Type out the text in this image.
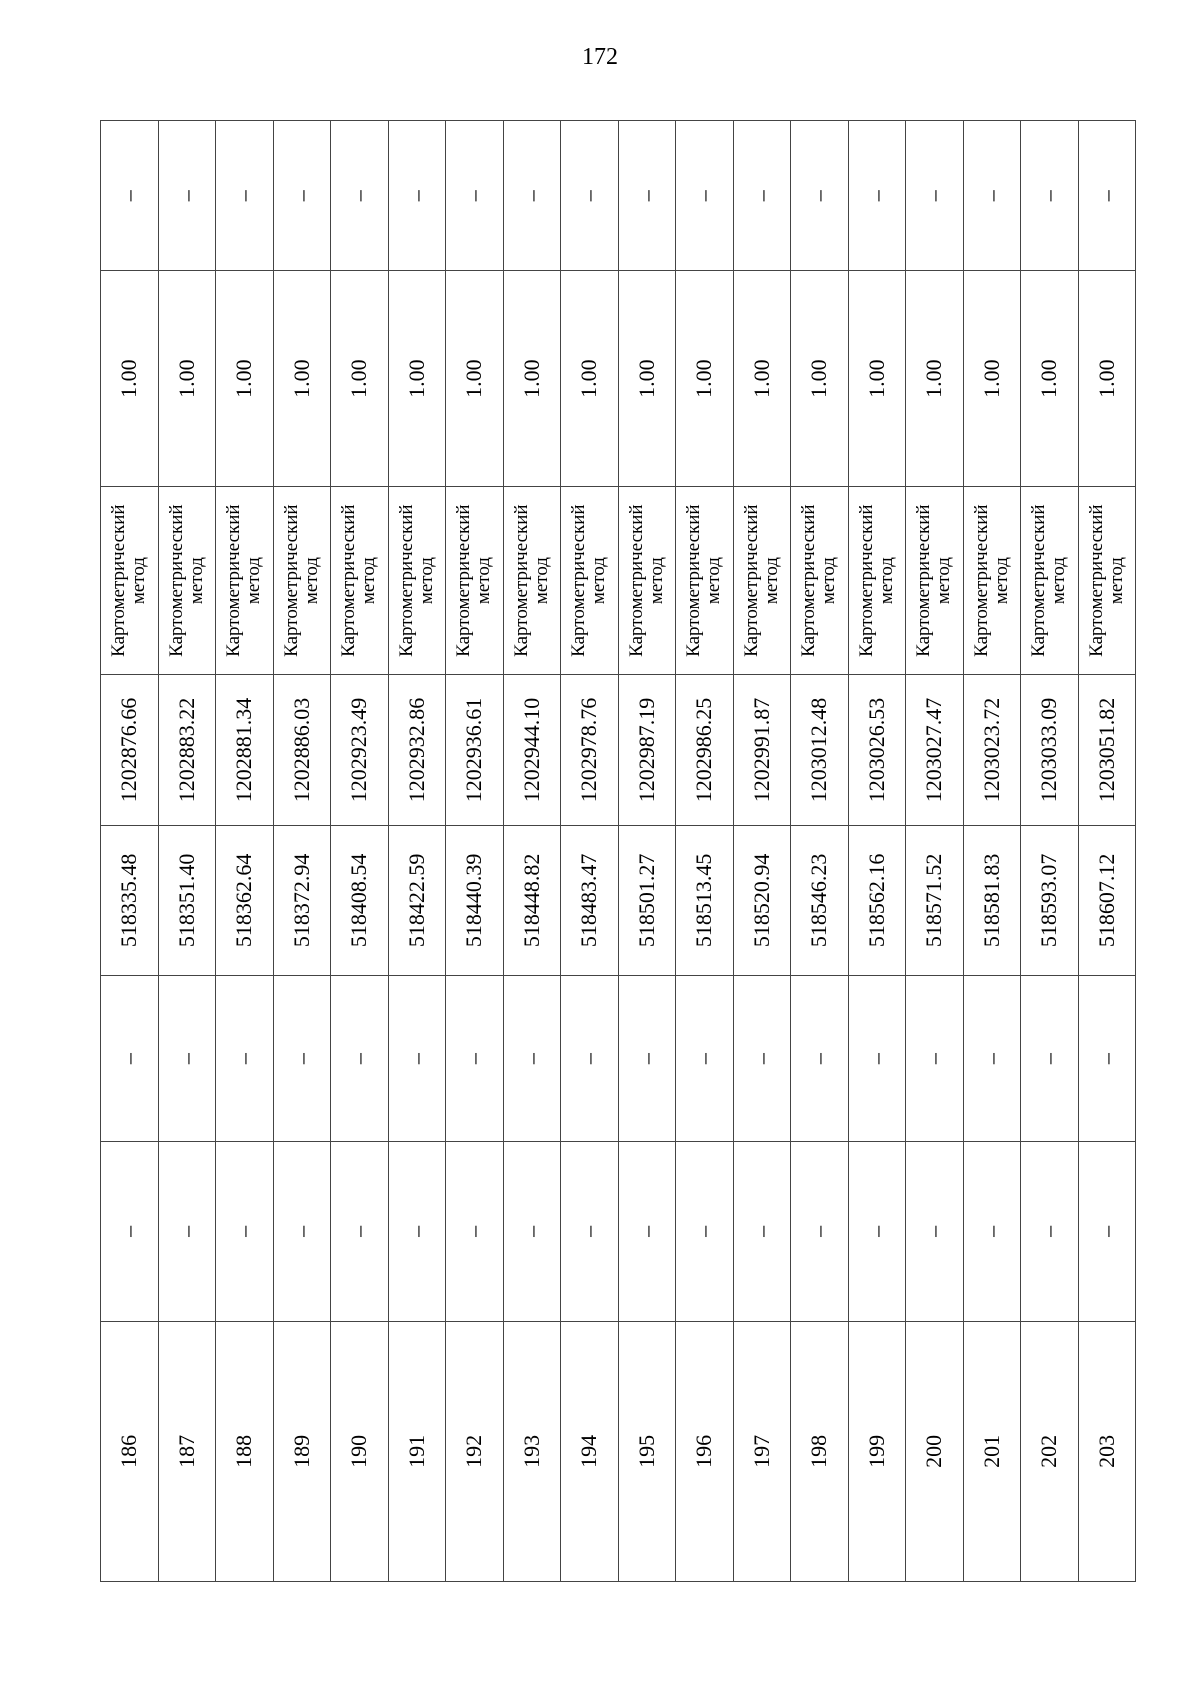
172
186	–	–	518335.48	1202876.66	Картометрический метод	1.00	–
187	–	–	518351.40	1202883.22	Картометрический метод	1.00	–
188	–	–	518362.64	1202881.34	Картометрический метод	1.00	–
189	–	–	518372.94	1202886.03	Картометрический метод	1.00	–
190	–	–	518408.54	1202923.49	Картометрический метод	1.00	–
191	–	–	518422.59	1202932.86	Картометрический метод	1.00	–
192	–	–	518440.39	1202936.61	Картометрический метод	1.00	–
193	–	–	518448.82	1202944.10	Картометрический метод	1.00	–
194	–	–	518483.47	1202978.76	Картометрический метод	1.00	–
195	–	–	518501.27	1202987.19	Картометрический метод	1.00	–
196	–	–	518513.45	1202986.25	Картометрический метод	1.00	–
197	–	–	518520.94	1202991.87	Картометрический метод	1.00	–
198	–	–	518546.23	1203012.48	Картометрический метод	1.00	–
199	–	–	518562.16	1203026.53	Картометрический метод	1.00	–
200	–	–	518571.52	1203027.47	Картометрический метод	1.00	–
201	–	–	518581.83	1203023.72	Картометрический метод	1.00	–
202	–	–	518593.07	1203033.09	Картометрический метод	1.00	–
203	–	–	518607.12	1203051.82	Картометрический метод	1.00	–
